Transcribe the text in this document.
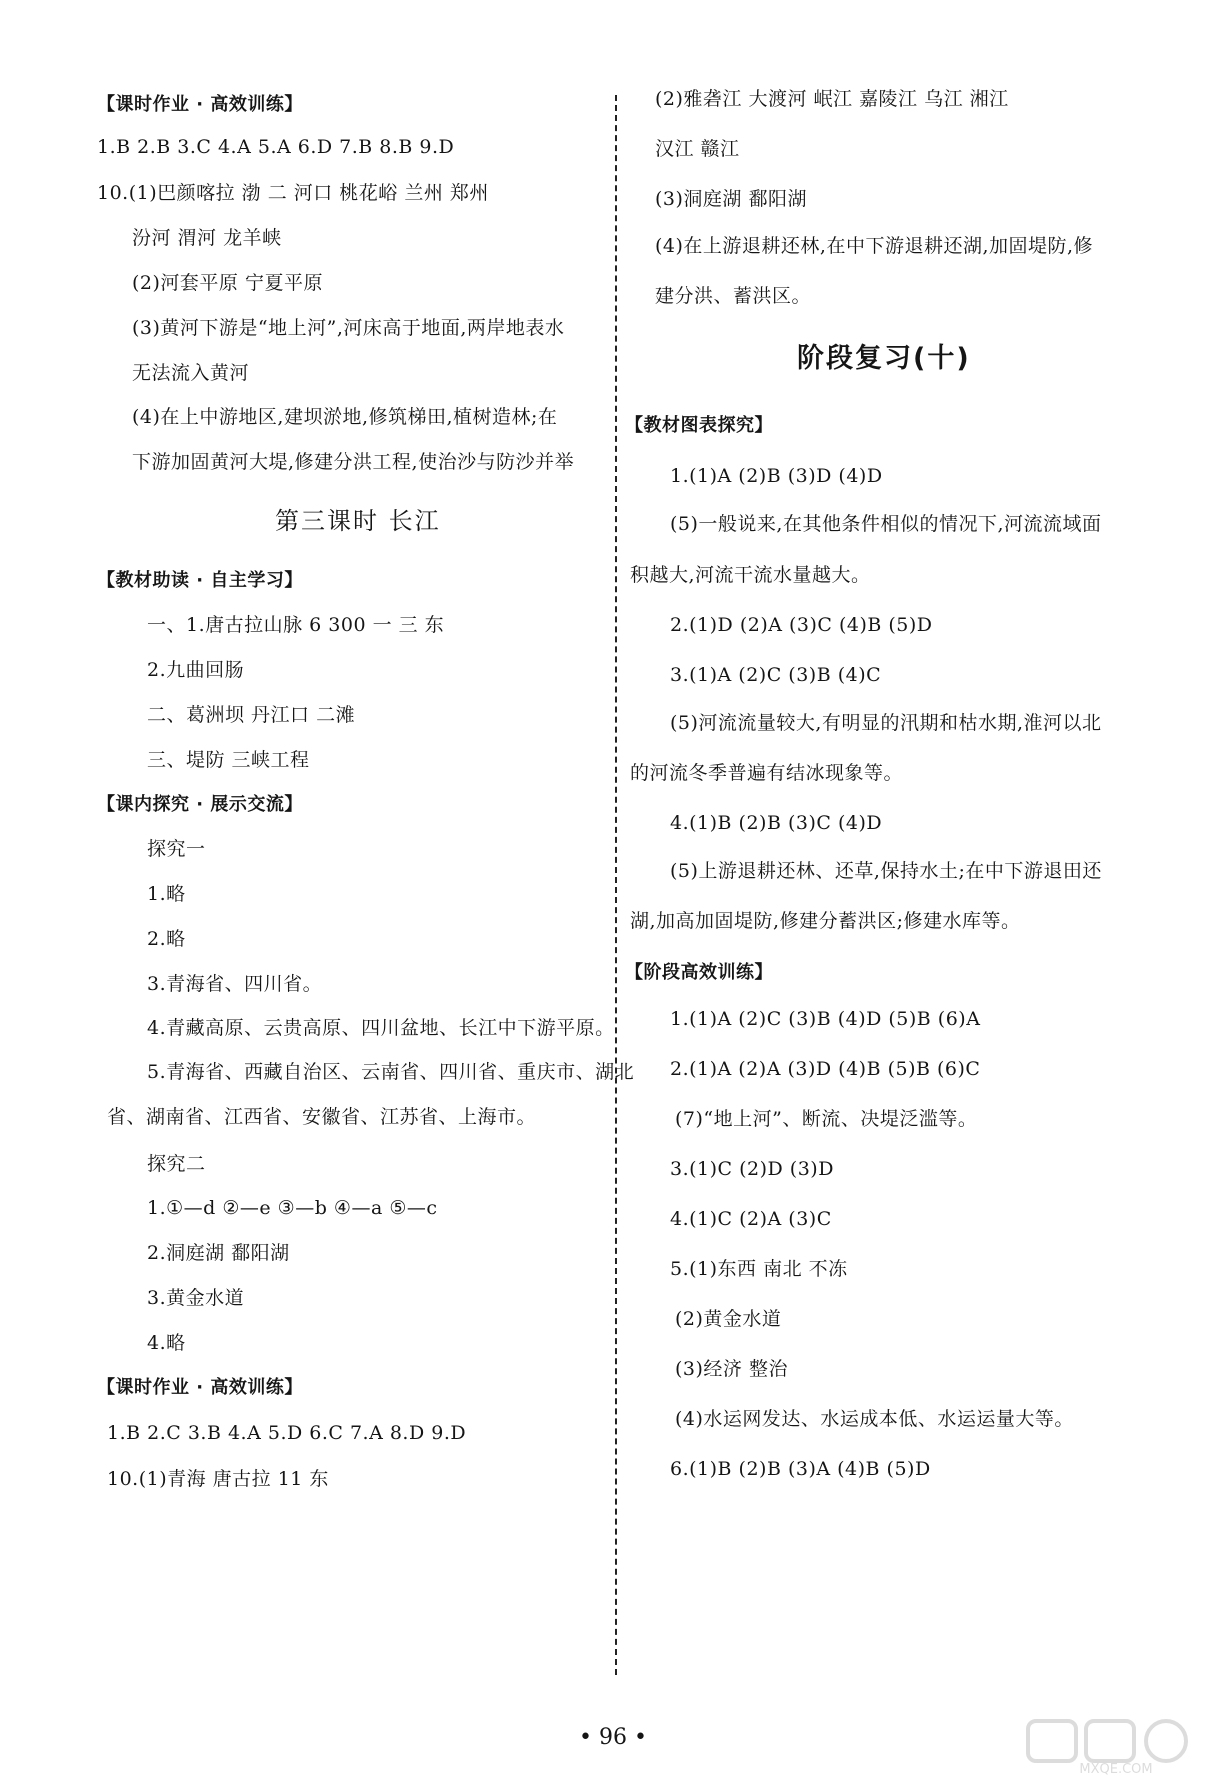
【课时作业 · 高效训练】
1.B 2.B 3.C 4.A 5.A 6.D 7.B 8.B 9.D
10.(1)巴颜喀拉 渤 二 河口 桃花峪 兰州 郑州
汾河 渭河 龙羊峡
(2)河套平原 宁夏平原
(3)黄河下游是“地上河”,河床高于地面,两岸地表水
无法流入黄河
(4)在上中游地区,建坝淤地,修筑梯田,植树造林;在
下游加固黄河大堤,修建分洪工程,使治沙与防沙并举
第三课时 长江
【教材助读 · 自主学习】
一、1.唐古拉山脉 6 300 一 三 东
2.九曲回肠
二、葛洲坝 丹江口 二滩
三、堤防 三峡工程
【课内探究 · 展示交流】
探究一
1.略
2.略
3.青海省、四川省。
4.青藏高原、云贵高原、四川盆地、长江中下游平原。
5.青海省、西藏自治区、云南省、四川省、重庆市、湖北
省、湖南省、江西省、安徽省、江苏省、上海市。
探究二
1.①—d ②—e ③—b ④—a ⑤—c
2.洞庭湖 鄱阳湖
3.黄金水道
4.略
【课时作业 · 高效训练】
1.B 2.C 3.B 4.A 5.D 6.C 7.A 8.D 9.D
10.(1)青海 唐古拉 11 东
(2)雅砻江 大渡河 岷江 嘉陵江 乌江 湘江
汉江 赣江
(3)洞庭湖 鄱阳湖
(4)在上游退耕还林,在中下游退耕还湖,加固堤防,修
建分洪、蓄洪区。
阶段复习(十)
【教材图表探究】
1.(1)A (2)B (3)D (4)D
(5)一般说来,在其他条件相似的情况下,河流流域面
积越大,河流干流水量越大。
2.(1)D (2)A (3)C (4)B (5)D
3.(1)A (2)C (3)B (4)C
(5)河流流量较大,有明显的汛期和枯水期,淮河以北
的河流冬季普遍有结冰现象等。
4.(1)B (2)B (3)C (4)D
(5)上游退耕还林、还草,保持水土;在中下游退田还
湖,加高加固堤防,修建分蓄洪区;修建水库等。
【阶段高效训练】
1.(1)A (2)C (3)B (4)D (5)B (6)A
2.(1)A (2)A (3)D (4)B (5)B (6)C
(7)“地上河”、断流、决堤泛滥等。
3.(1)C (2)D (3)D
4.(1)C (2)A (3)C
5.(1)东西 南北 不冻
(2)黄金水道
(3)经济 整治
(4)水运网发达、水运成本低、水运运量大等。
6.(1)B (2)B (3)A (4)B (5)D
• 96 •
MXQE.COM
